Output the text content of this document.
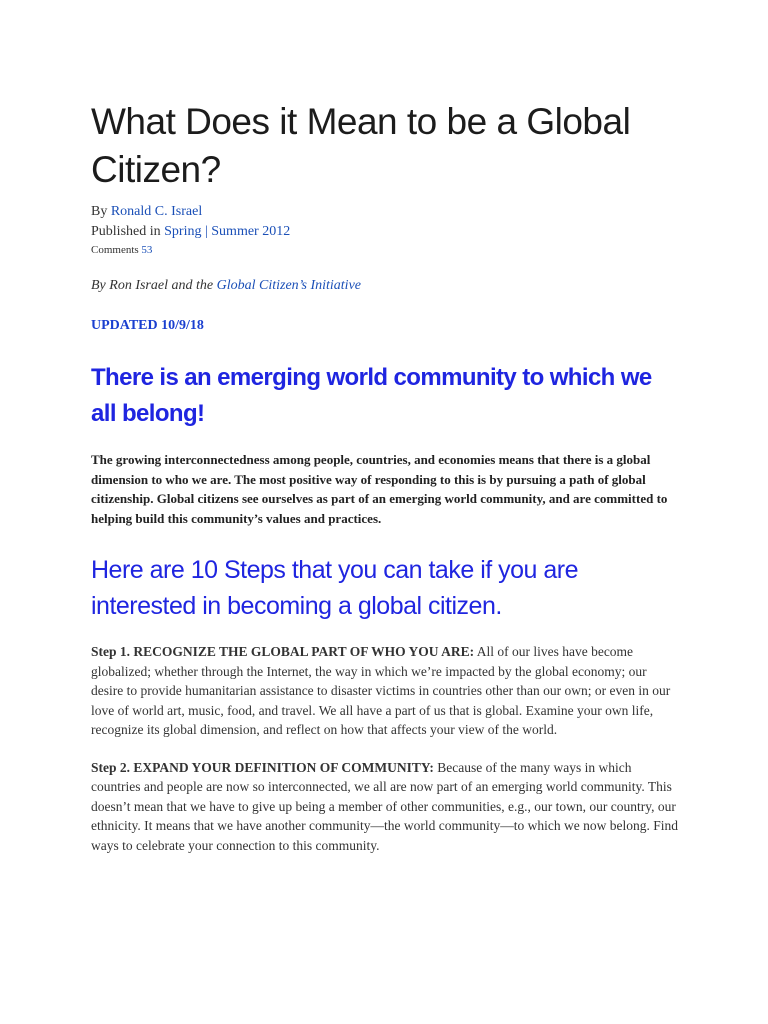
What Does it Mean to be a Global Citizen?
By Ronald C. Israel
Published in Spring | Summer 2012
Comments 53

By Ron Israel and the Global Citizen’s Initiative

UPDATED 10/9/18

There is an emerging world community to which we all belong!

The growing interconnectedness among people, countries, and economies means that there is a global dimension to who we are. The most positive way of responding to this is by pursuing a path of global citizenship. Global citizens see ourselves as part of an emerging world community, and are committed to helping build this community’s values and practices.

Here are 10 Steps that you can take if you are interested in becoming a global citizen.

Step 1. RECOGNIZE THE GLOBAL PART OF WHO YOU ARE: All of our lives have become globalized; whether through the Internet, the way in which we’re impacted by the global economy; our desire to provide humanitarian assistance to disaster victims in countries other than our own; or even in our love of world art, music, food, and travel. We all have a part of us that is global. Examine your own life, recognize its global dimension, and reflect on how that affects your view of the world.

Step 2. EXPAND YOUR DEFINITION OF COMMUNITY: Because of the many ways in which countries and people are now so interconnected, we all are now part of an emerging world community. This doesn’t mean that we have to give up being a member of other communities, e.g., our town, our country, our ethnicity. It means that we have another community—the world community—to which we now belong. Find ways to celebrate your connection to this community.
